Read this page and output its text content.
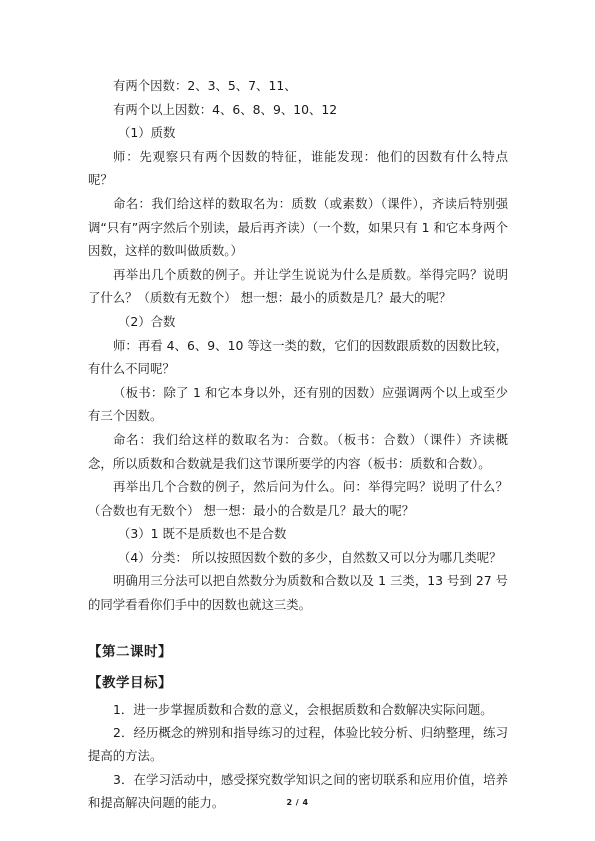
有两个因数：2、3、5、7、11、

有两个以上因数：4、6、8、9、10、12

（1）质数

师：先观察只有两个因数的特征，谁能发现：他们的因数有什么特点呢？

命名：我们给这样的数取名为：质数（或素数）（课件），齐读后特别强调“只有”两字然后个别读，最后再齐读）（一个数，如果只有 1 和它本身两个因数，这样的数叫做质数。）

再举出几个质数的例子。并让学生说说为什么是质数。举得完吗？说明了什么？（质数有无数个） 想一想：最小的质数是几？最大的呢？

（2）合数

师：再看 4、6、9、10 等这一类的数，它们的因数跟质数的因数比较，有什么不同呢？

（板书：除了 1 和它本身以外，还有别的因数）应强调两个以上或至少有三个因数。

命名：我们给这样的数取名为：合数。（板书：合数）（课件）齐读概念，所以质数和合数就是我们这节课所要学的内容（板书：质数和合数）。

再举出几个合数的例子，然后问为什么。问：举得完吗？说明了什么？（合数也有无数个） 想一想：最小的合数是几？最大的呢？

（3）1 既不是质数也不是合数

（4）分类： 所以按照因数个数的多少，自然数又可以分为哪几类呢？

明确用三分法可以把自然数分为质数和合数以及 1 三类，13 号到 27 号的同学看看你们手中的因数也就这三类。

【第二课时】

【教学目标】

1．进一步掌握质数和合数的意义，会根据质数和合数解决实际问题。

2．经历概念的辨别和指导练习的过程，体验比较分析、归纳整理，练习提高的方法。

3．在学习活动中，感受探究数学知识之间的密切联系和应用价值，培养和提高解决问题的能力。	2 / 4
